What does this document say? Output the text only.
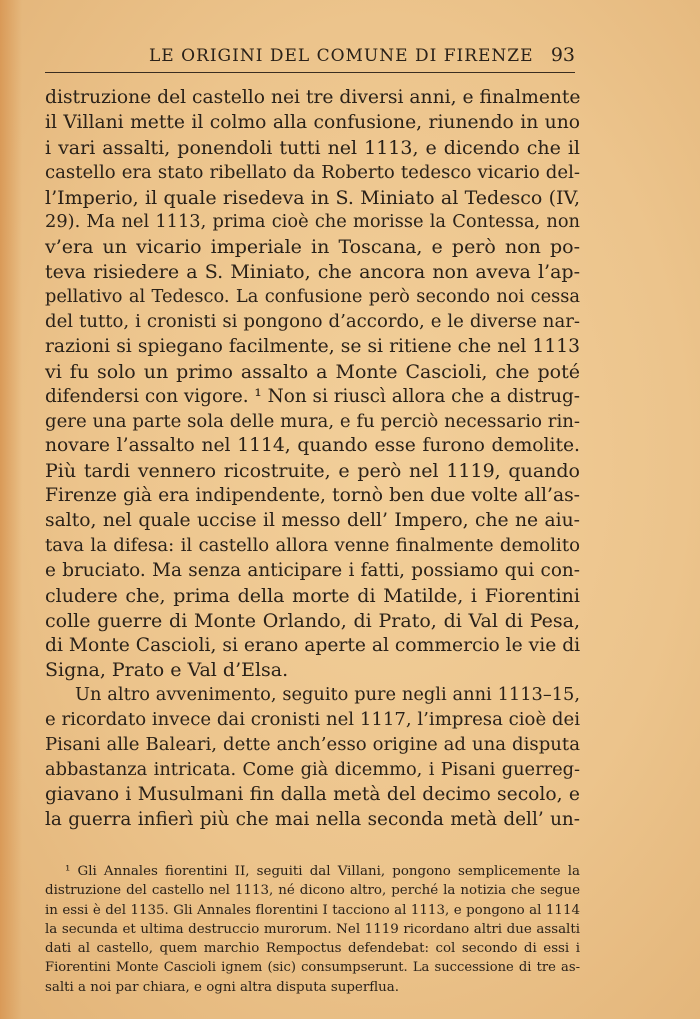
LE ORIGINI DEL COMUNE DI FIRENZE 93
distruzione del castello nei tre diversi anni, e finalmente
il Villani mette il colmo alla confusione, riunendo in uno
i vari assalti, ponendoli tutti nel 1113, e dicendo che il
castello era stato ribellato da Roberto tedesco vicario del-
l’Imperio, il quale risedeva in S. Miniato al Tedesco (IV,
29). Ma nel 1113, prima cioè che morisse la Contessa, non
v’era un vicario imperiale in Toscana, e però non po-
teva risiedere a S. Miniato, che ancora non aveva l’ap-
pellativo al Tedesco. La confusione però secondo noi cessa
del tutto, i cronisti si pongono d’accordo, e le diverse nar-
razioni si spiegano facilmente, se si ritiene che nel 1113
vi fu solo un primo assalto a Monte Cascioli, che poté
difendersi con vigore. ¹ Non si riuscì allora che a distrug-
gere una parte sola delle mura, e fu perciò necessario rin-
novare l’assalto nel 1114, quando esse furono demolite.
Più tardi vennero ricostruite, e però nel 1119, quando
Firenze già era indipendente, tornò ben due volte all’as-
salto, nel quale uccise il messo dell’ Impero, che ne aiu-
tava la difesa: il castello allora venne finalmente demolito
e bruciato. Ma senza anticipare i fatti, possiamo qui con-
cludere che, prima della morte di Matilde, i Fiorentini
colle guerre di Monte Orlando, di Prato, di Val di Pesa,
di Monte Cascioli, si erano aperte al commercio le vie di
Signa, Prato e Val d’Elsa.
Un altro avvenimento, seguito pure negli anni 1113–15,
e ricordato invece dai cronisti nel 1117, l’impresa cioè dei
Pisani alle Baleari, dette anch’esso origine ad una disputa
abbastanza intricata. Come già dicemmo, i Pisani guerreg-
giavano i Musulmani fin dalla metà del decimo secolo, e
la guerra infierì più che mai nella seconda metà dell’ un-
¹ Gli Annales fiorentini II, seguiti dal Villani, pongono semplicemente la
distruzione del castello nel 1113, né dicono altro, perché la notizia che segue
in essi è del 1135. Gli Annales florentini I tacciono al 1113, e pongono al 1114
la secunda et ultima destruccio murorum. Nel 1119 ricordano altri due assalti
dati al castello, quem marchio Rempoctus defendebat: col secondo di essi i
Fiorentini Monte Cascioli ignem (sic) consumpserunt. La successione di tre as-
salti a noi par chiara, e ogni altra disputa superflua.
